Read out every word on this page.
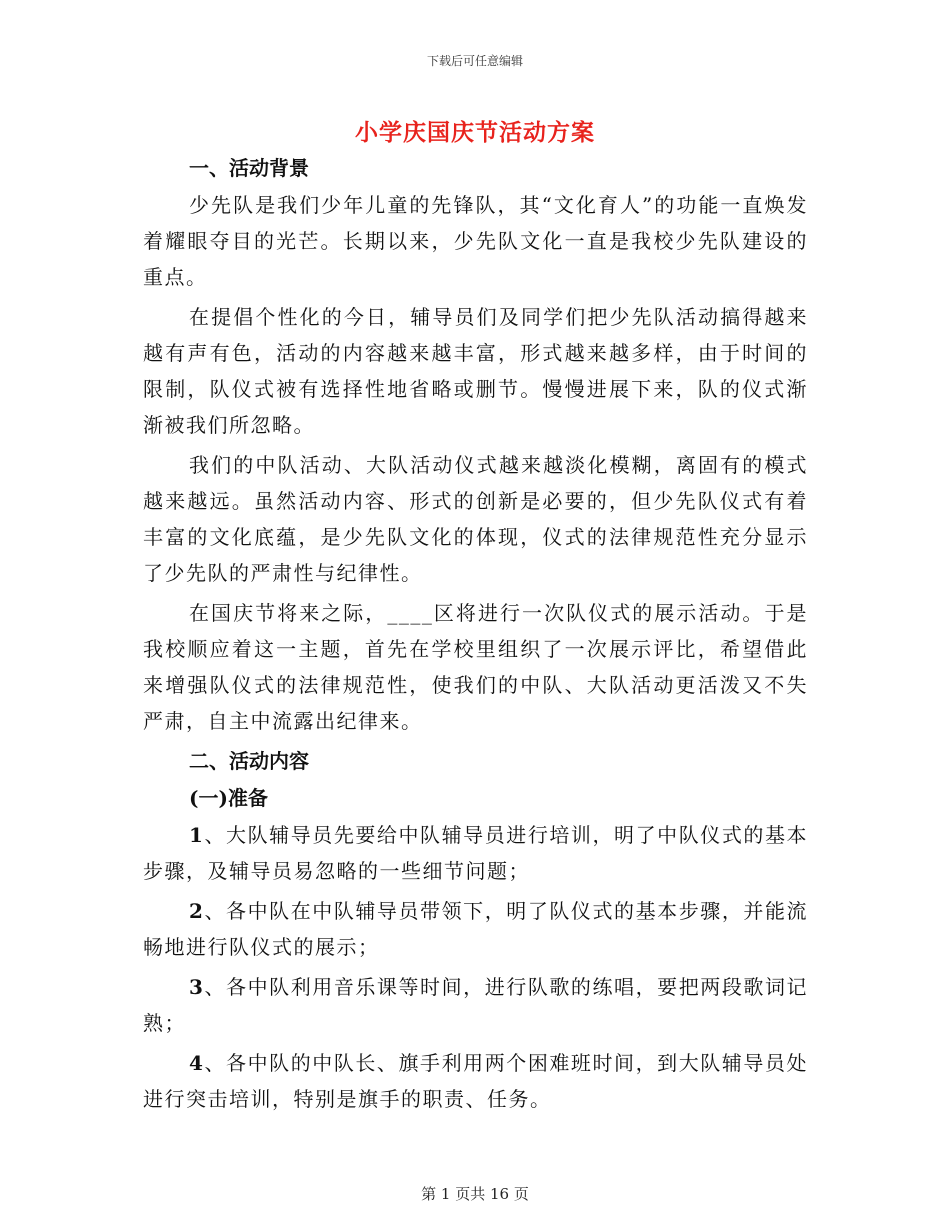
下载后可任意编辑
小学庆国庆节活动方案

一、活动背景

少先队是我们少年儿童的先锋队，其“文化育人”的功能一直焕发着耀眼夺目的光芒。长期以来，少先队文化一直是我校少先队建设的重点。

在提倡个性化的今日，辅导员们及同学们把少先队活动搞得越来越有声有色，活动的内容越来越丰富，形式越来越多样，由于时间的限制，队仪式被有选择性地省略或删节。慢慢进展下来，队的仪式渐渐被我们所忽略。

我们的中队活动、大队活动仪式越来越淡化模糊，离固有的模式越来越远。虽然活动内容、形式的创新是必要的，但少先队仪式有着丰富的文化底蕴，是少先队文化的体现，仪式的法律规范性充分显示了少先队的严肃性与纪律性。

在国庆节将来之际，____区将进行一次队仪式的展示活动。于是我校顺应着这一主题，首先在学校里组织了一次展示评比，希望借此来增强队仪式的法律规范性，使我们的中队、大队活动更活泼又不失严肃，自主中流露出纪律来。

二、活动内容

(一)准备

1、大队辅导员先要给中队辅导员进行培训，明了中队仪式的基本步骤，及辅导员易忽略的一些细节问题；

2、各中队在中队辅导员带领下，明了队仪式的基本步骤，并能流畅地进行队仪式的展示；

3、各中队利用音乐课等时间，进行队歌的练唱，要把两段歌词记熟；

4、各中队的中队长、旗手利用两个困难班时间，到大队辅导员处进行突击培训，特别是旗手的职责、任务。

第 1 页共 16 页
